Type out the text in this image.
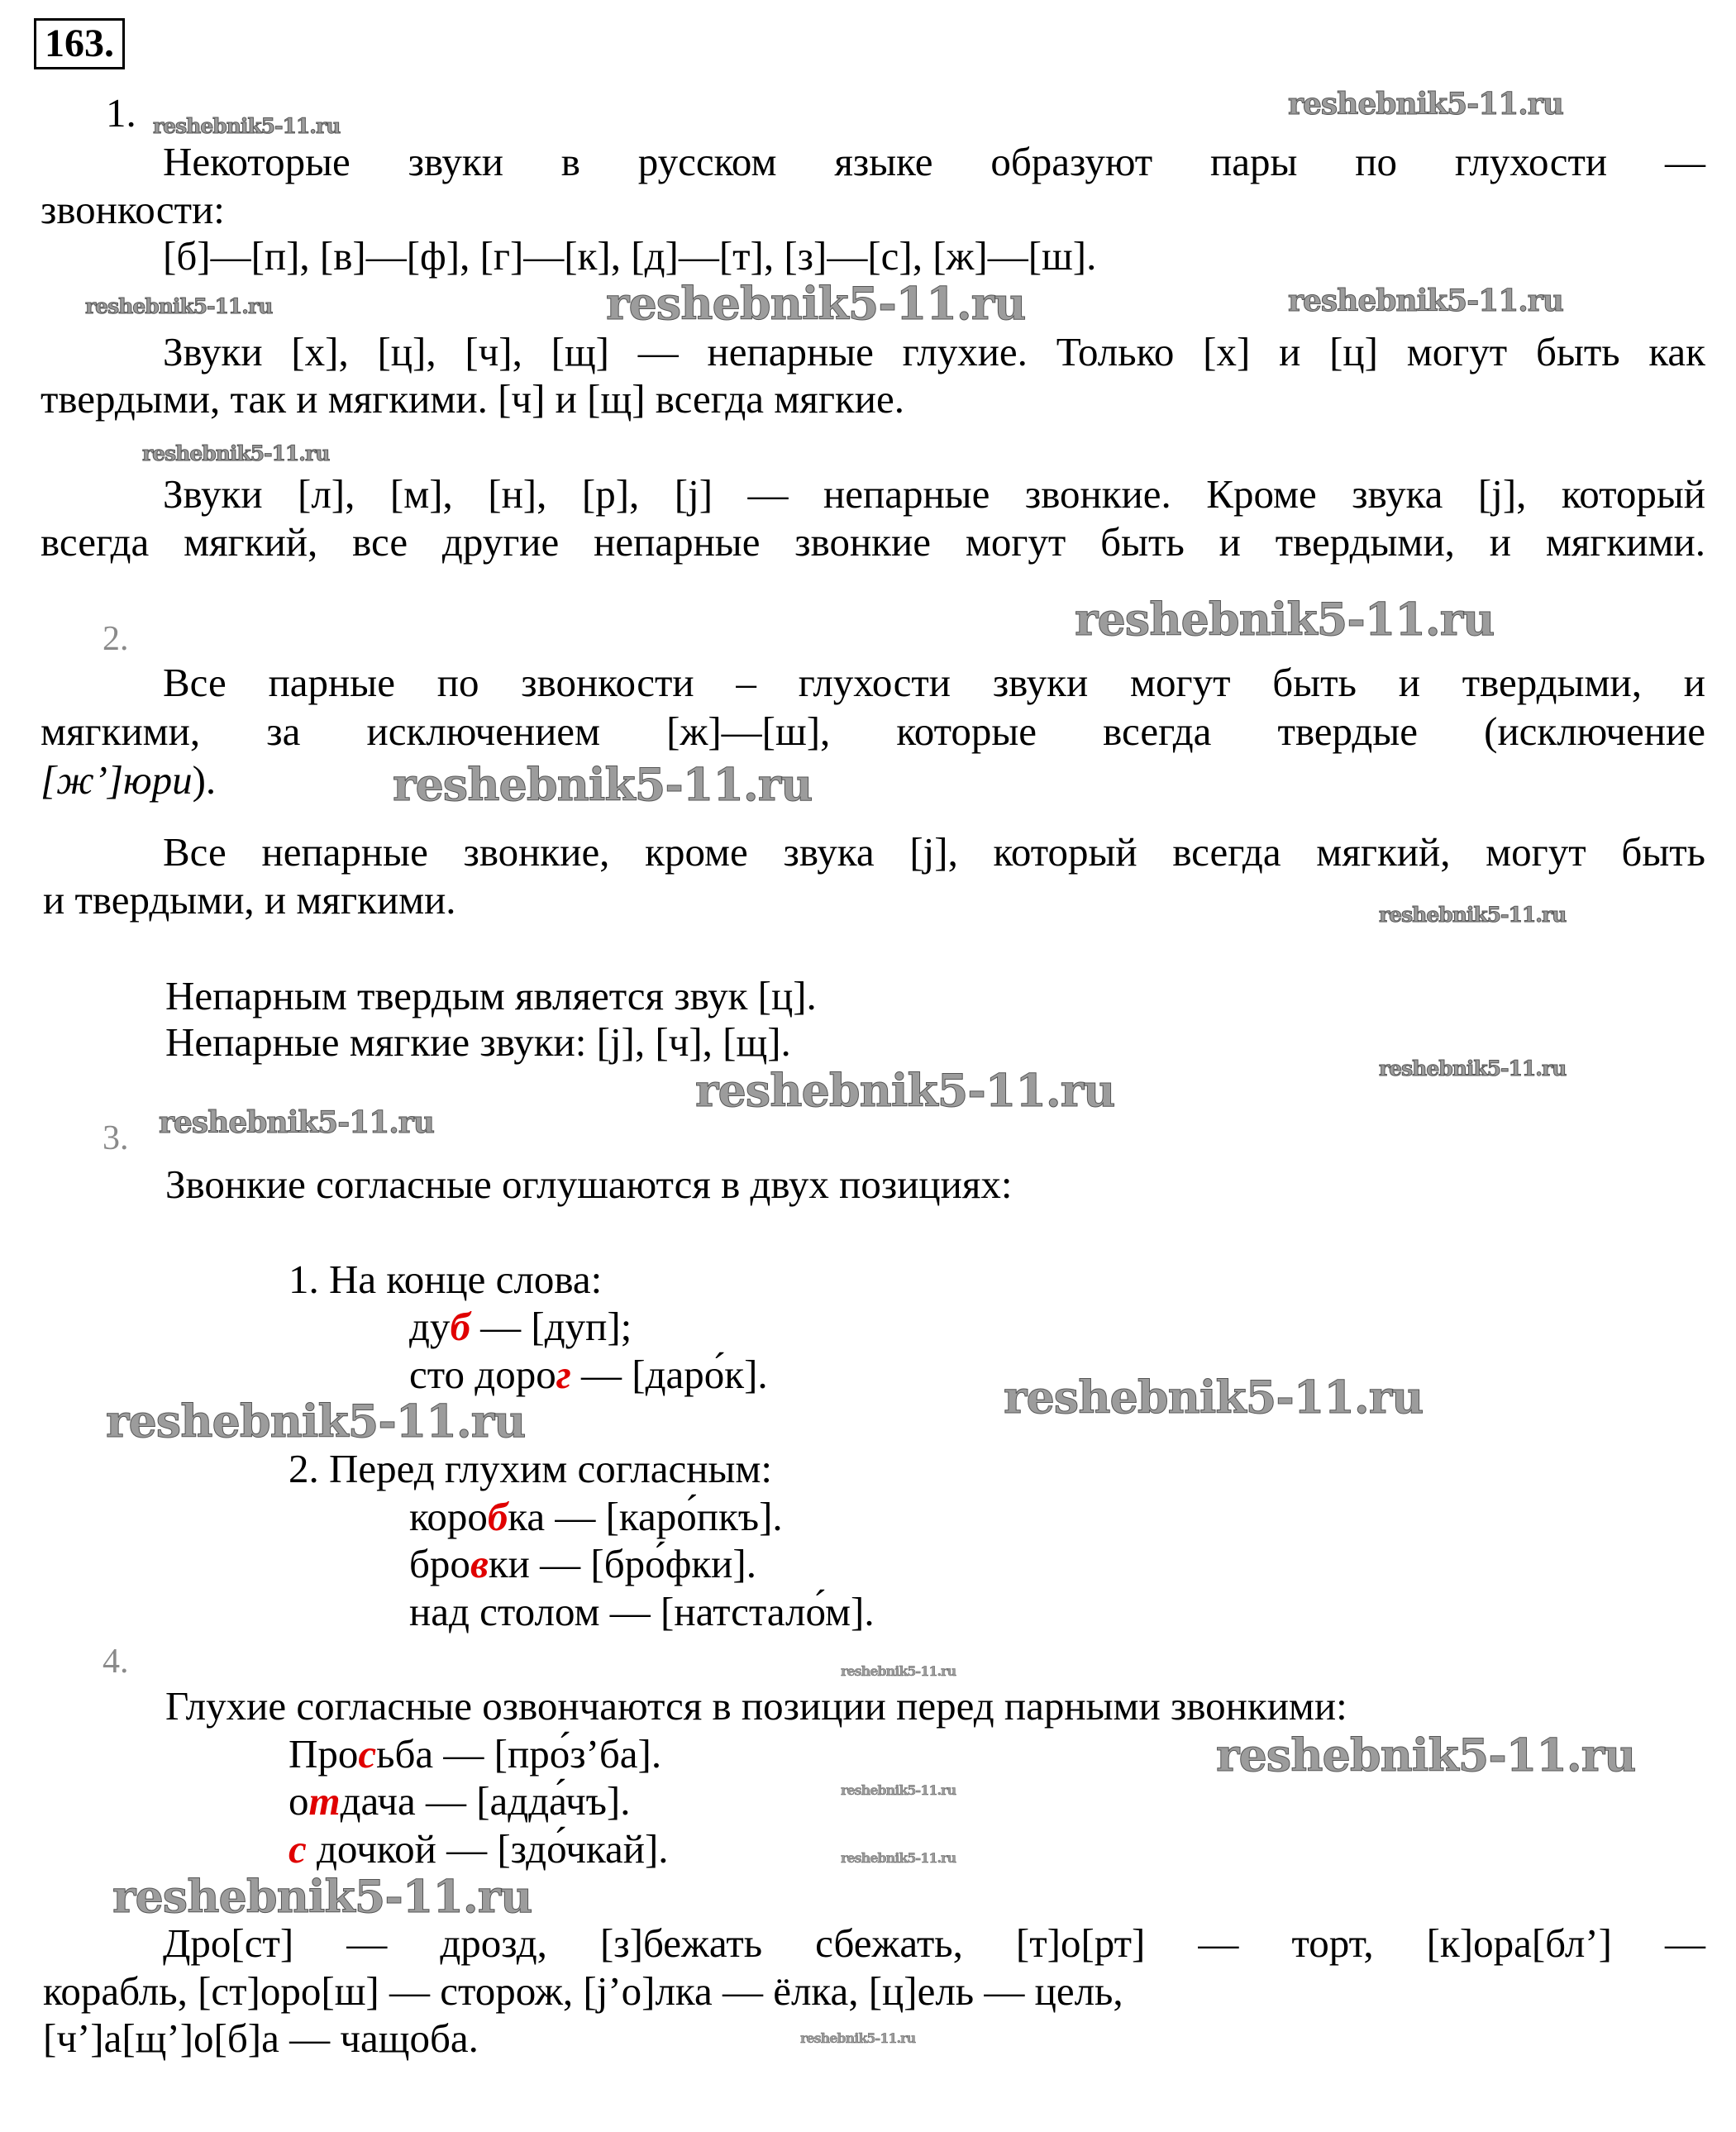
163.
reshebnik5-11.ru
reshebnik5-11.ru
reshebnik5-11.ru	reshebnik5-11.ru	reshebnik5-11.ru
reshebnik5-11.ru
reshebnik5-11.ru
reshebnik5-11.ru
reshebnik5-11.ru
reshebnik5-11.ru
reshebnik5-11.ru
reshebnik5-11.ru
reshebnik5-11.ru
reshebnik5-11.ru
reshebnik5-11.ru
reshebnik5-11.ru
reshebnik5-11.ru
reshebnik5-11.ru
reshebnik5-11.ru
reshebnik5-11.ru
1.
Некоторые звуки в русском языке образуют пары по глухости —
звонкости:
[б]—[п], [в]—[ф], [г]—[к], [д]—[т], [з]—[с], [ж]—[ш].
Звуки [х], [ц], [ч], [щ] — непарные глухие. Только [х] и [ц] могут быть как
твердыми, так и мягкими. [ч] и [щ] всегда мягкие.
Звуки [л], [м], [н], [р], [j] — непарные звонкие. Кроме звука [j], который
всегда мягкий, все другие непарные звонкие могут быть и твердыми, и мягкими.
2.
Все парные по звонкости – глухости звуки могут быть и твердыми, и
мягкими, за исключением [ж]—[ш], которые всегда твердые (исключение
[ж’]юри).
Все непарные звонкие, кроме звука [j], который всегда мягкий, могут быть
и твердыми, и мягкими.
Непарным твердым является звук [ц].
Непарные мягкие звуки: [j], [ч], [щ].
3.
Звонкие согласные оглушаются в двух позициях:
1. На конце слова:
дуб — [дуп];
сто дорог — [даро́к].
2. Перед глухим согласным:
коробка — [каро́пкъ].
бровки — [бро́фки].
над столом — [натстало́м].
4.
Глухие согласные озвончаются в позиции перед парными звонкими:
Просьба — [про́з’ба].
отдача — [адда́чъ].
с дочкой — [здо́чкай].
Дро[ст] — дрозд, [з]бежать сбежать, [т]о[рт] — торт, [к]ора[бл’] —
корабль, [ст]оро[ш] — сторож, [j’o]лка — ёлка, [ц]ель — цель,
[ч’]а[щ’]о[б]а — чащоба.
